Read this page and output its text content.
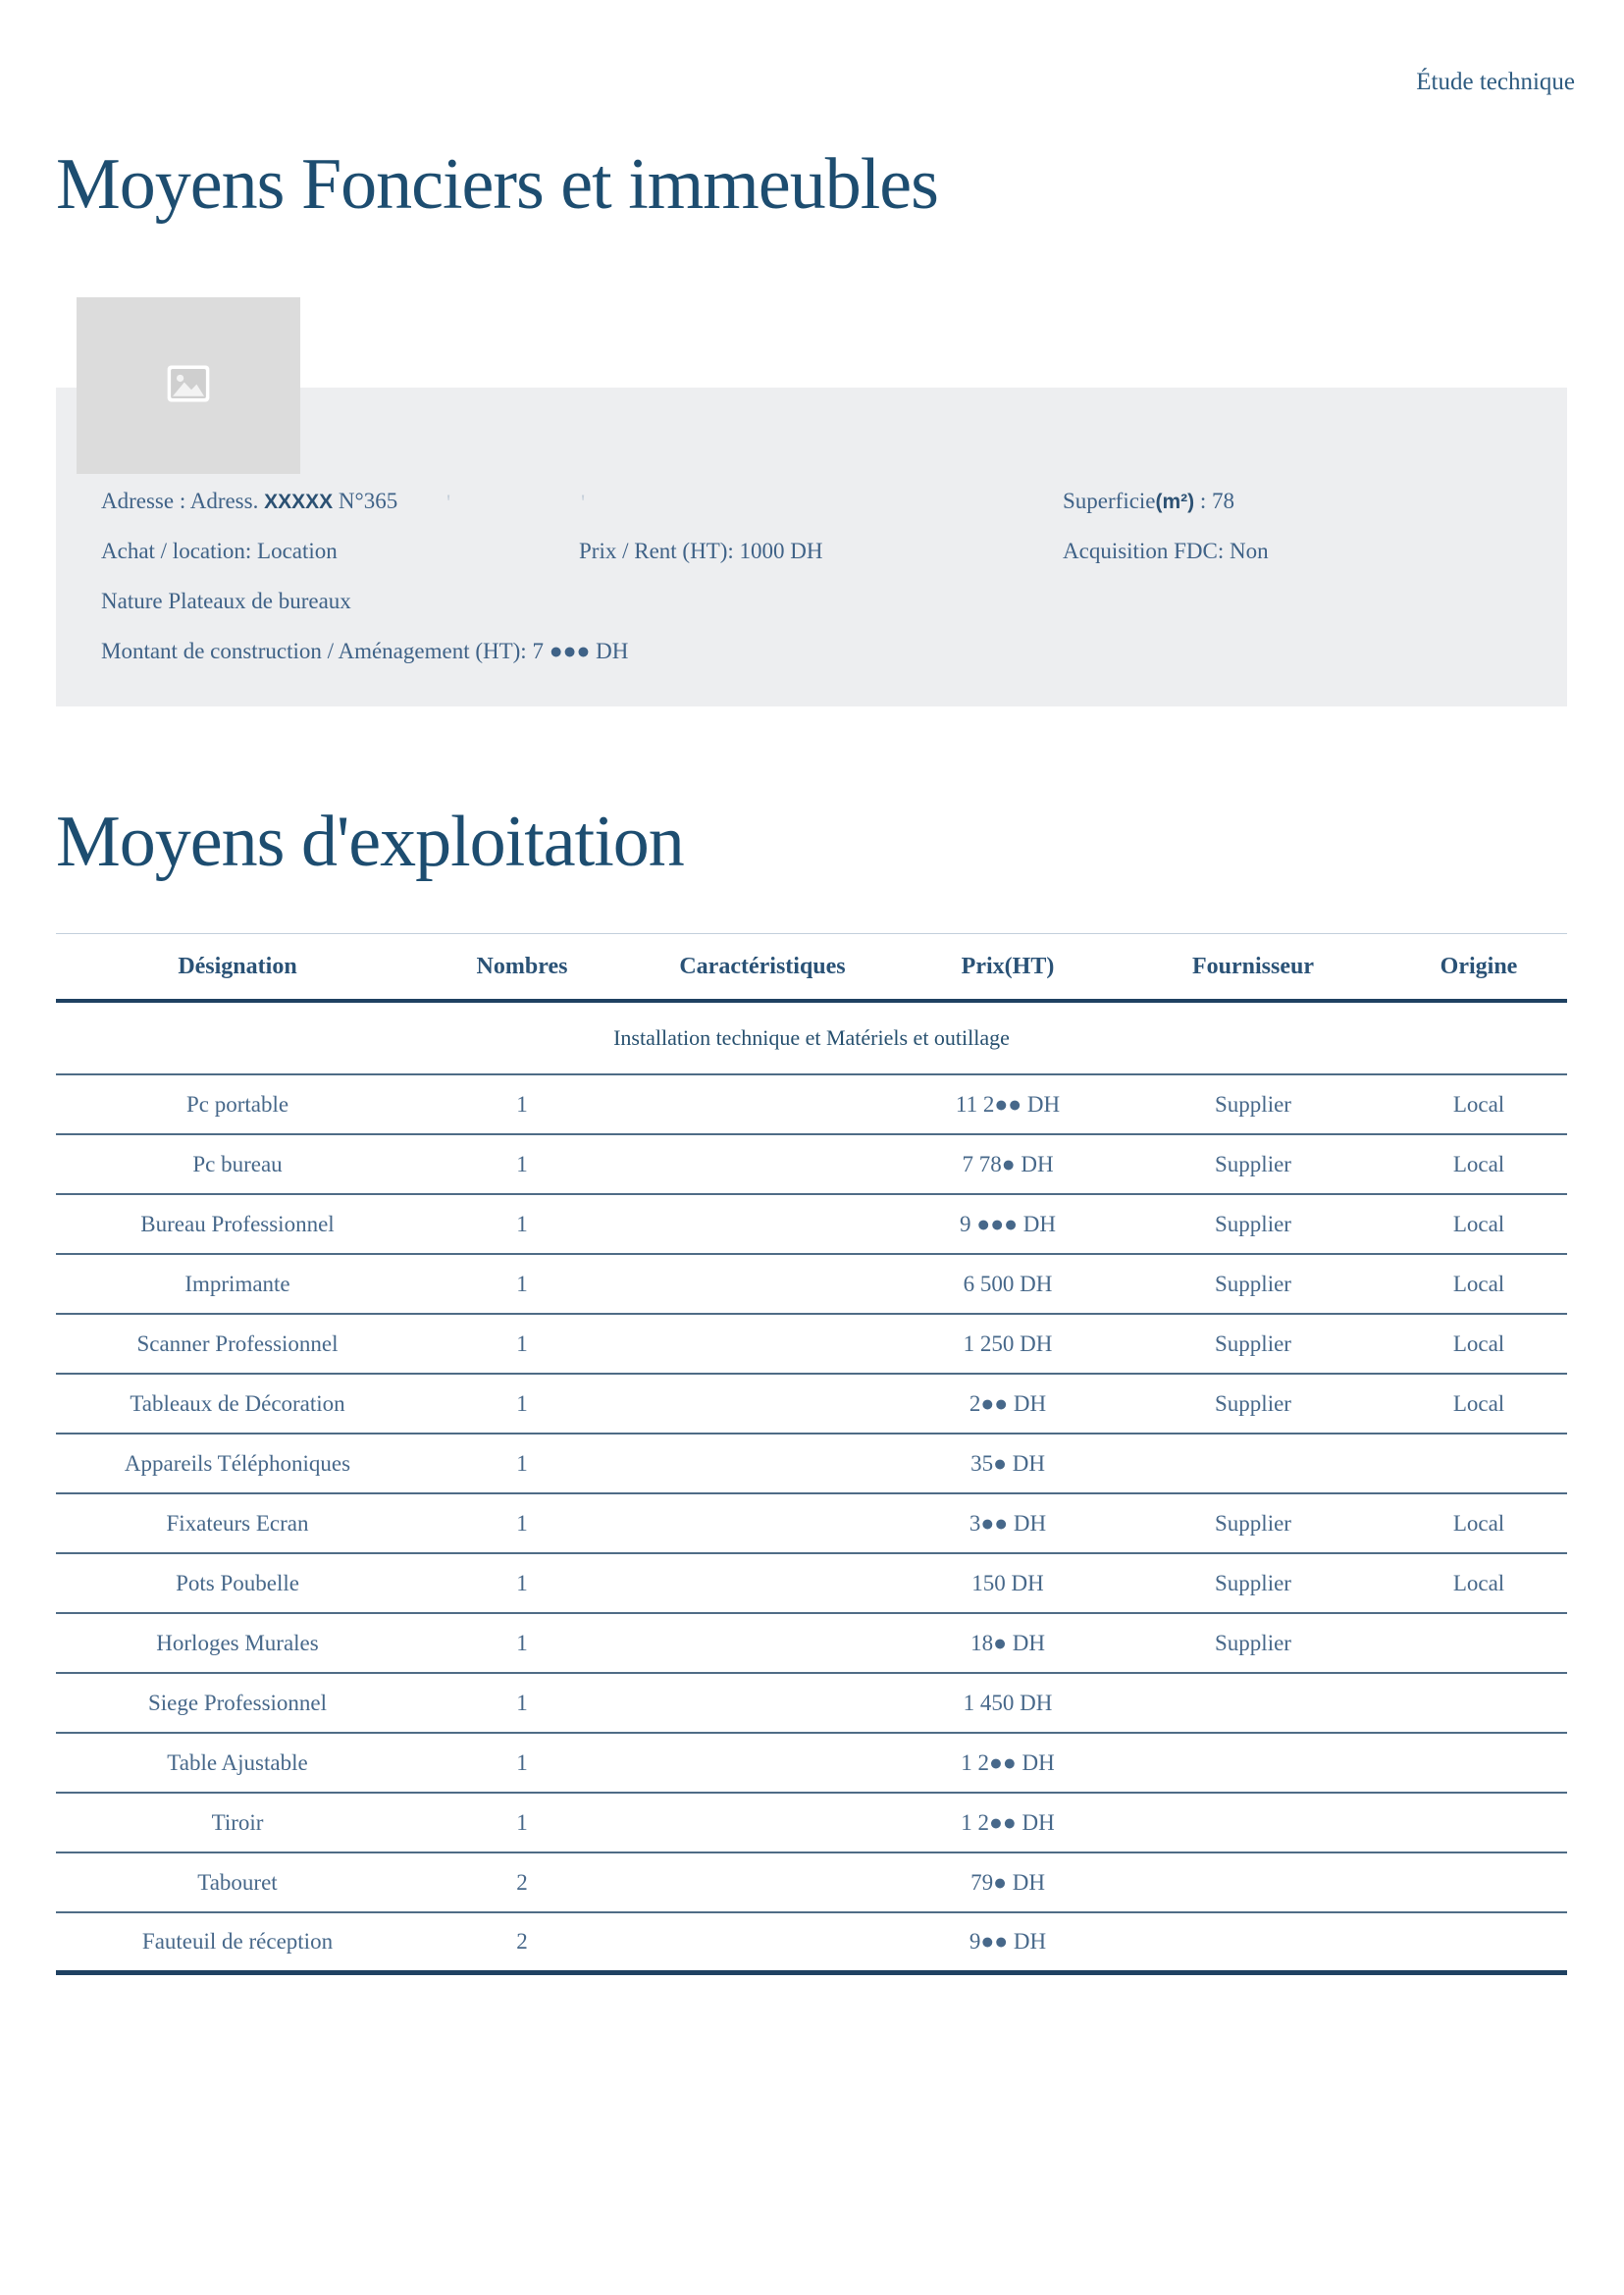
Étude technique
Moyens Fonciers et immeubles
Adresse : Adress. XXXXX N°365 '	'	Superficie(m²) : 78
Achat / location: Location	Prix / Rent (HT): 1000 DH	Acquisition FDC: Non
Nature Plateaux de bureaux
Montant de construction / Aménagement (HT): 7 ●●● DH
Moyens d'exploitation
Désignation	Nombres	Caractéristiques	Prix(HT)	Fournisseur	Origine
Installation technique et Matériels et outillage					
Pc portable	1		11 2●● DH	Supplier	Local
Pc bureau	1		7 78● DH	Supplier	Local
Bureau Professionnel	1		9 ●●● DH	Supplier	Local
Imprimante	1		6 500 DH	Supplier	Local
Scanner Professionnel	1		1 250 DH	Supplier	Local
Tableaux de Décoration	1		2●● DH	Supplier	Local
Appareils Téléphoniques	1		35● DH		
Fixateurs Ecran	1		3●● DH	Supplier	Local
Pots Poubelle	1		150 DH	Supplier	Local
Horloges Murales	1		18● DH	Supplier	
Siege Professionnel	1		1 450 DH		
Table Ajustable	1		1 2●● DH		
Tiroir	1		1 2●● DH		
Tabouret	2		79● DH		
Fauteuil de réception	2		9●● DH		
